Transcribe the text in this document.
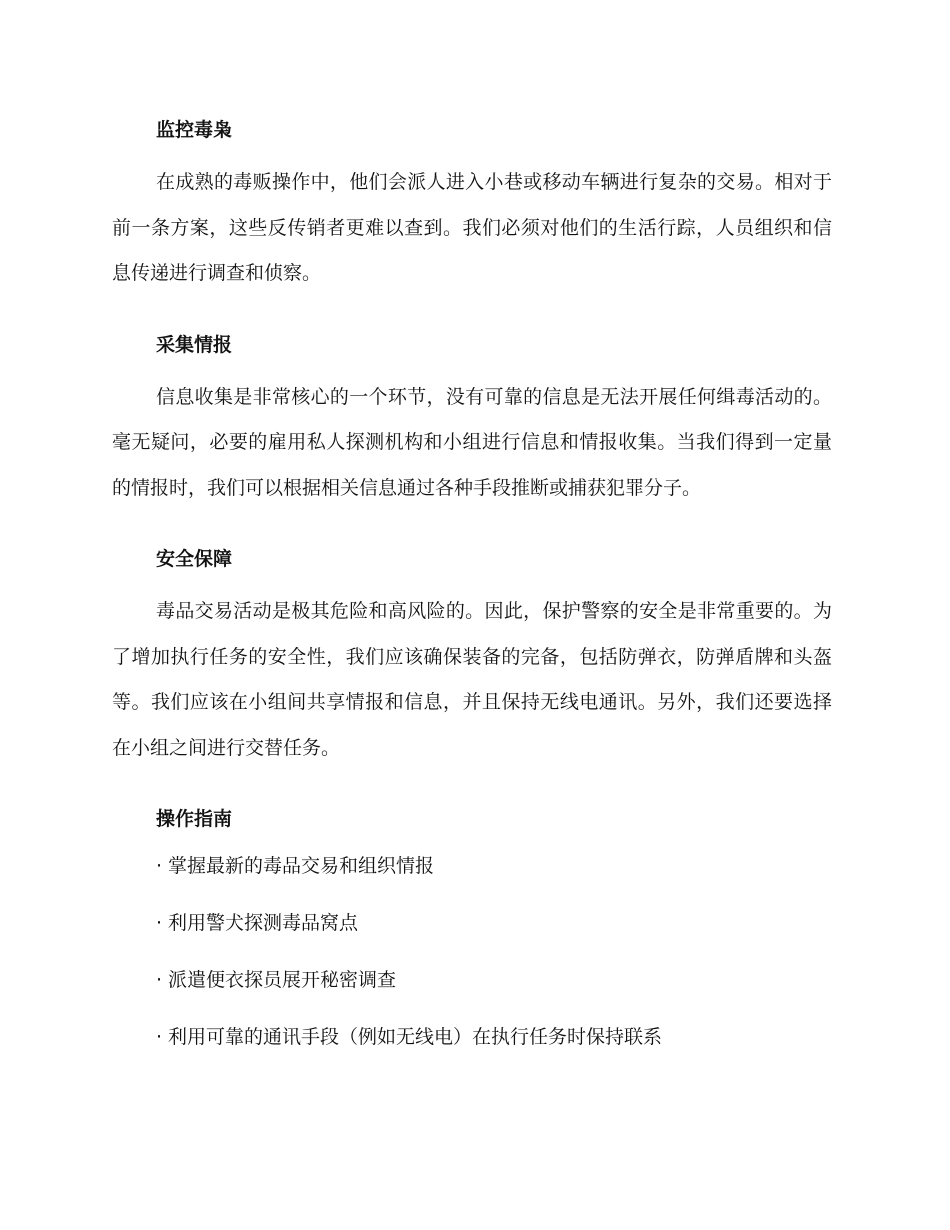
监控毒枭

在成熟的毒贩操作中，他们会派人进入小巷或移动车辆进行复杂的交易。相对于前一条方案，这些反传销者更难以查到。我们必须对他们的生活行踪，人员组织和信息传递进行调查和侦察。

采集情报

信息收集是非常核心的一个环节，没有可靠的信息是无法开展任何缉毒活动的。毫无疑问，必要的雇用私人探测机构和小组进行信息和情报收集。当我们得到一定量的情报时，我们可以根据相关信息通过各种手段推断或捕获犯罪分子。

安全保障

毒品交易活动是极其危险和高风险的。因此，保护警察的安全是非常重要的。为了增加执行任务的安全性，我们应该确保装备的完备，包括防弹衣，防弹盾牌和头盔等。我们应该在小组间共享情报和信息，并且保持无线电通讯。另外，我们还要选择在小组之间进行交替任务。

操作指南
· 掌握最新的毒品交易和组织情报
· 利用警犬探测毒品窝点
· 派遣便衣探员展开秘密调查
· 利用可靠的通讯手段（例如无线电）在执行任务时保持联系
